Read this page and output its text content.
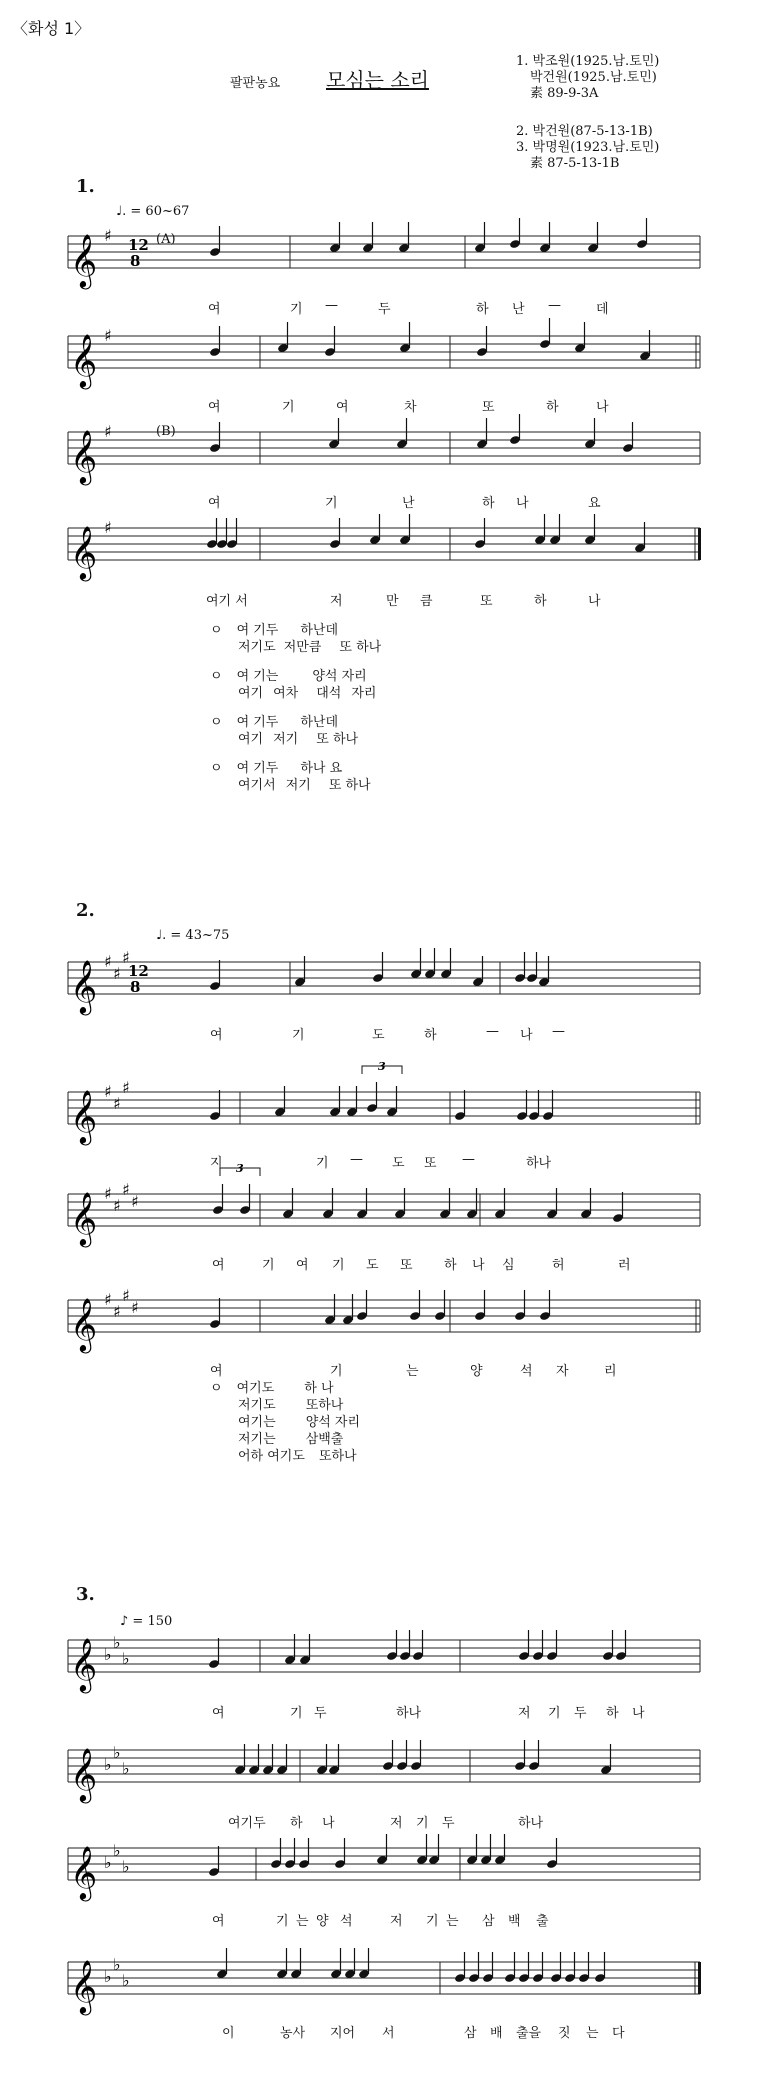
〈화성 1〉
팔판농요 모심는 소리
1. 박조원(1925.남.토민)
박건원(1925.남.토민)
素 89-9-3A
2. 박건원(87-5-13-1B)
3. 박명원(1923.남.토민)
素 87-5-13-1B
1.
♩. = 60~67
(A)
(B)
𝄞 ♯ 12
8
𝄞 ♯
𝄞 ♯
𝄞 ♯
𝄞 ♯
♯
♯
12
8
𝄞 ♯
♯
♯
𝄞 ♯
♯
♯
♯
𝄞 ♯
♯
♯
♯
𝄞 ♭
♭
♭
𝄞 ♭
♭
♭
𝄞 ♭
♭
♭
𝄞 ♭
♭
♭
3
3
여	기 —	두	하 난 —	데
여	기	여	차	또	하	나
여	기	난	하 나	요
여기 서	저	만 큼	또	하	나
여	기	도	하	— 나 —
지	기 — 도 또 —	하나
여	기 여 기 도 또 하 나 심	허	러
여	기	는	양	석 자	리
여	기 두	하나	저 기 두 하 나
여기두 하 나	저 기 두	하나
여	기 는 양 석	저 기 는 삼 백 출
이	농사 지어 서	삼 배 출을 짓 는 다
ㅇ 여 기두 하난데
저기도 저만큼 또 하나
ㅇ 여 기는	양석 자리
여기 여차 대석 자리
ㅇ 여 기두 하난데
여기 저기 또 하나
ㅇ 여 기두 하나 요
여기서 저기 또 하나
2.
♩. = 43~75
ㅇ 여기도 하 나
저기도 또하나
여기는 양석 자리
저기는 삼백출
어하 여기도 또하나
3.
♪ = 150
